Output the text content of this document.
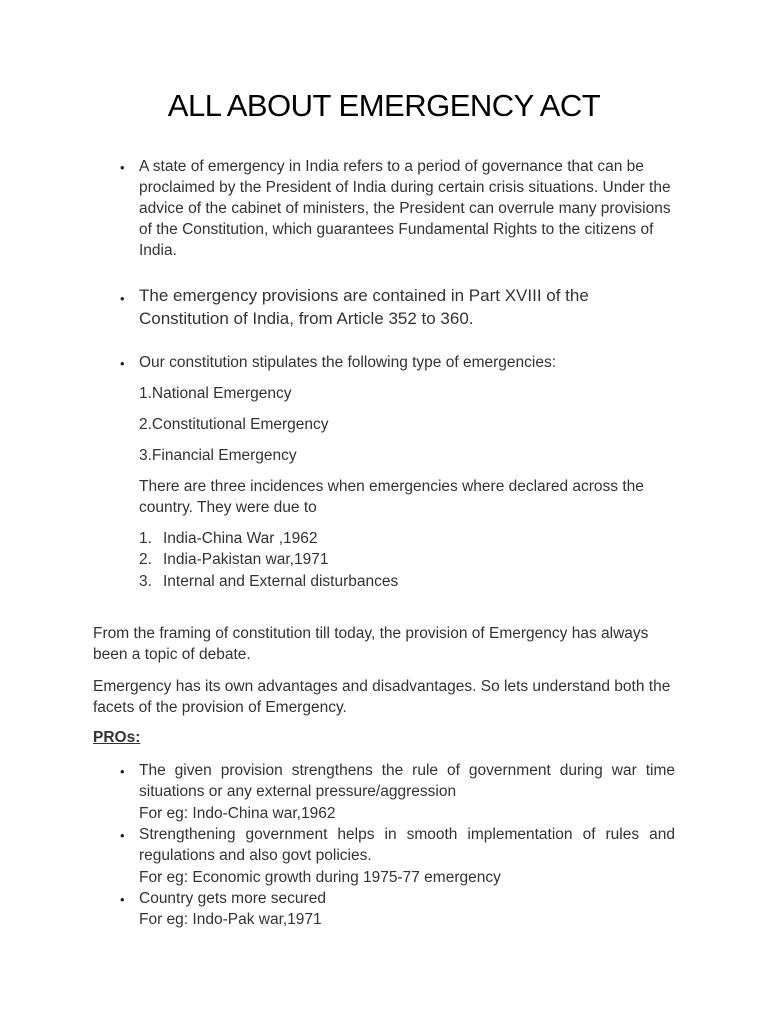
ALL ABOUT EMERGENCY ACT
• A state of emergency in India refers to a period of governance that can be proclaimed by the President of India during certain crisis situations. Under the advice of the cabinet of ministers, the President can overrule many provisions of the Constitution, which guarantees Fundamental Rights to the citizens of India.
• The emergency provisions are contained in Part XVIII of the Constitution of India, from Article 352 to 360.
• Our constitution stipulates the following type of emergencies:
1.National Emergency
2.Constitutional Emergency
3.Financial Emergency
There are three incidences when emergencies where declared across the country. They were due to
1. India-China War ,1962
2. India-Pakistan war,1971
3. Internal and External disturbances
From the framing of constitution till today, the provision of Emergency has always been a topic of debate.
Emergency has its own advantages and disadvantages. So lets understand both the facets of the provision of Emergency.
PROs:
• The given provision strengthens the rule of government during war time situations or any external pressure/aggression
For eg: Indo-China war,1962
• Strengthening government helps in smooth implementation of rules and regulations and also govt policies.
For eg: Economic growth during 1975-77 emergency
• Country gets more secured
For eg: Indo-Pak war,1971
